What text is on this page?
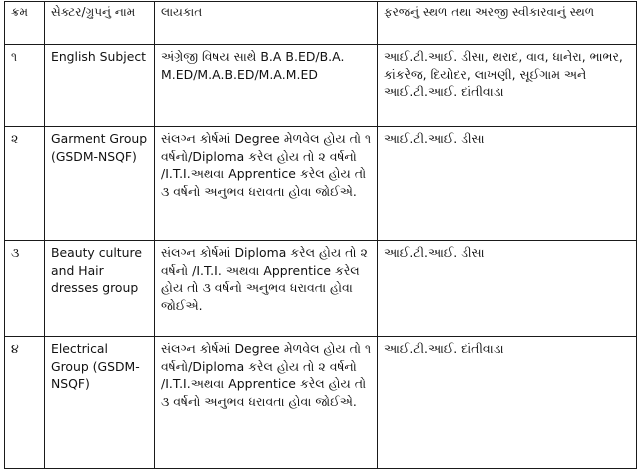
ક્રમ	સેક્ટર/ગ્રુપનું નામ	લાયકાત	ફરજનું સ્થળ તથા અરજી સ્વીકારવાનું સ્થળ
૧	English Subject	અંગ્રેજી વિષય સાથે B.A B.ED/B.A. M.ED/M.A.B.ED/M.A.M.ED	આઈ.ટી.આઈ. ડીસા, થરાદ, વાવ, ધાનેરા, ભાભર, કાંકરેજ, દિયોદર, લાખણી, સૂઈગામ અને આઈ.ટી.આઈ. દાંતીવાડા
૨	Garment Group (GSDM-NSQF)	સંલગ્ન કોર્ષમાં Degree મેળવેલ હોય તો ૧ વર્ષનો/Diploma કરેલ હોય તો ૨ વર્ષનો /I.T.I.અથવા Apprentice કરેલ હોય તો ૩ વર્ષનો અનુભવ ધરાવતા હોવા જોઈએ.	આઈ.ટી.આઈ. ડીસા
૩	Beauty culture and Hair dresses group	સંલગ્ન કોર્ષમાં Diploma કરેલ હોય તો ૨ વર્ષનો /I.T.I. અથવા Apprentice કરેલ હોય તો ૩ વર્ષનો અનુભવ ધરાવતા હોવા જોઈએ.	આઈ.ટી.આઈ. ડીસા
૪	Electrical Group (GSDM-NSQF)	સંલગ્ન કોર્ષમાં Degree મેળવેલ હોય તો ૧ વર્ષનો/Diploma કરેલ હોય તો ૨ વર્ષનો /I.T.I.અથવા Apprentice કરેલ હોય તો ૩ વર્ષનો અનુભવ ધરાવતા હોવા જોઈએ.	આઈ.ટી.આઈ. દાંતીવાડા
